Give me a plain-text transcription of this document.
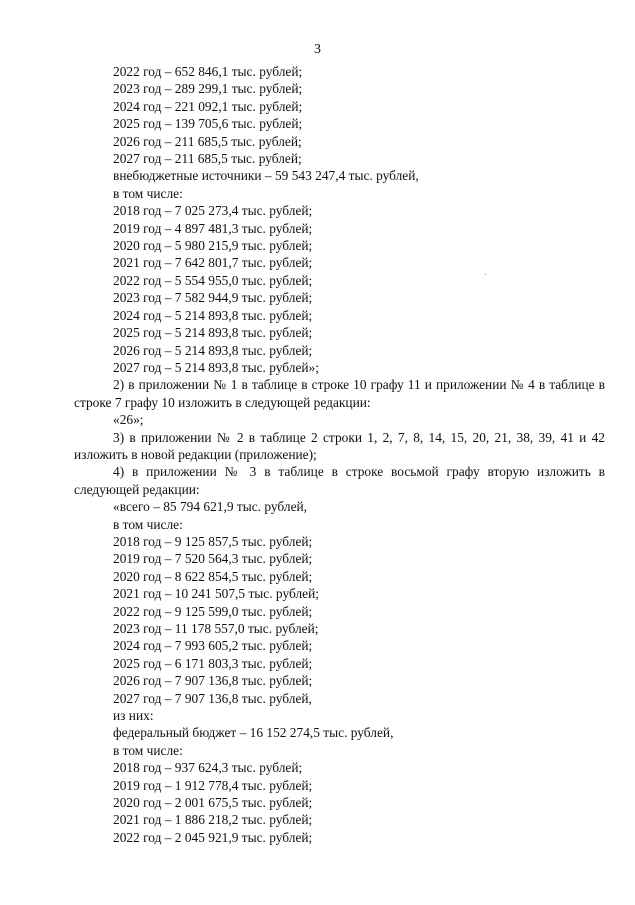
3
2022 год – 652 846,1 тыс. рублей;
2023 год – 289 299,1 тыс. рублей;
2024 год – 221 092,1 тыс. рублей;
2025 год – 139 705,6 тыс. рублей;
2026 год – 211 685,5 тыс. рублей;
2027 год – 211 685,5 тыс. рублей;
внебюджетные источники – 59 543 247,4 тыс. рублей,
в том числе:
2018 год – 7 025 273,4 тыс. рублей;
2019 год – 4 897 481,3 тыс. рублей;
2020 год – 5 980 215,9 тыс. рублей;
2021 год – 7 642 801,7 тыс. рублей;
2022 год – 5 554 955,0 тыс. рублей;
2023 год – 7 582 944,9 тыс. рублей;
2024 год – 5 214 893,8 тыс. рублей;
2025 год – 5 214 893,8 тыс. рублей;
2026 год – 5 214 893,8 тыс. рублей;
2027 год – 5 214 893,8 тыс. рублей»;
2) в приложении № 1 в таблице в строке 10 графу 11 и приложении № 4 в таблице в строке 7 графу 10 изложить в следующей редакции:
«26»;
3) в приложении № 2 в таблице 2 строки 1, 2, 7, 8, 14, 15, 20, 21, 38, 39, 41 и 42 изложить в новой редакции (приложение);
4) в приложении № 3 в таблице в строке восьмой графу вторую изложить в следующей редакции:
«всего – 85 794 621,9 тыс. рублей,
в том числе:
2018 год – 9 125 857,5 тыс. рублей;
2019 год – 7 520 564,3 тыс. рублей;
2020 год – 8 622 854,5 тыс. рублей;
2021 год – 10 241 507,5 тыс. рублей;
2022 год – 9 125 599,0 тыс. рублей;
2023 год – 11 178 557,0 тыс. рублей;
2024 год – 7 993 605,2 тыс. рублей;
2025 год – 6 171 803,3 тыс. рублей;
2026 год – 7 907 136,8 тыс. рублей;
2027 год – 7 907 136,8 тыс. рублей,
из них:
федеральный бюджет – 16 152 274,5 тыс. рублей,
в том числе:
2018 год – 937 624,3 тыс. рублей;
2019 год – 1 912 778,4 тыс. рублей;
2020 год – 2 001 675,5 тыс. рублей;
2021 год – 1 886 218,2 тыс. рублей;
2022 год – 2 045 921,9 тыс. рублей;
